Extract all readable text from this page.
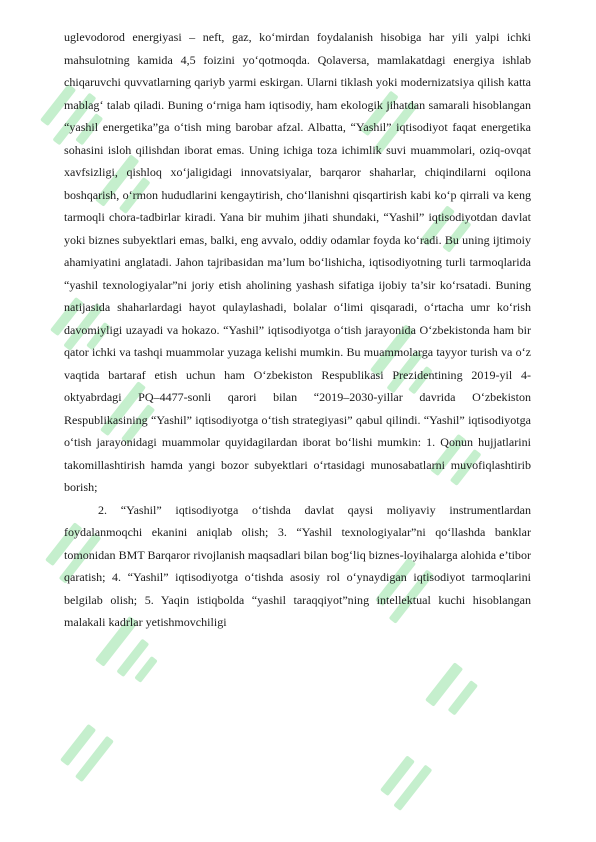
uglevodorod energiyasi – neft, gaz, ko‘mirdan foydalanish hisobiga har yili yalpi ichki mahsulotning kamida 4,5 foizini yo‘qotmoqda. Qolaversa, mamlakatdagi energiya ishlab chiqaruvchi quvvatlarning qariyb yarmi eskirgan. Ularni tiklash yoki modernizatsiya qilish katta mablag‘ talab qiladi. Buning o‘rniga ham iqtisodiy, ham ekologik jihatdan samarali hisoblangan “yashil energetika”ga o‘tish ming barobar afzal. Albatta, “Yashil” iqtisodiyot faqat energetika sohasini isloh qilishdan iborat emas. Uning ichiga toza ichimlik suvi muammolari, oziq-ovqat xavfsizligi, qishloq xo‘jaligidagi innovatsiyalar, barqaror shaharlar, chiqindilarni oqilona boshqarish, o‘rmon hududlarini kengaytirish, cho‘llanishni qisqartirish kabi ko‘p qirrali va keng tarmoqli chora-tadbirlar kiradi. Yana bir muhim jihati shundaki, “Yashil” iqtisodiyotdan davlat yoki biznes subyektlari emas, balki, eng avvalo, oddiy odamlar foyda ko‘radi. Bu uning ijtimoiy ahamiyatini anglatadi. Jahon tajribasidan ma’lum bo‘lishicha, iqtisodiyotning turli tarmoqlarida “yashil texnologiyalar”ni joriy etish aholining yashash sifatiga ijobiy ta’sir ko‘rsatadi. Buning natijasida shaharlardagi hayot qulaylashadi, bolalar o‘limi qisqaradi, o‘rtacha umr ko‘rish davomiyligi uzayadi va hokazo. “Yashil” iqtisodiyotga o‘tish jarayonida O‘zbekistonda ham bir qator ichki va tashqi muammolar yuzaga kelishi mumkin. Bu muammolarga tayyor turish va o‘z vaqtida bartaraf etish uchun ham O‘zbekiston Respublikasi Prezidentining 2019-yil 4-oktyabrdagi PQ–4477-sonli qarori bilan “2019–2030-yillar davrida O‘zbekiston Respublikasining “Yashil” iqtisodiyotga o‘tish strategiyasi” qabul qilindi. “Yashil” iqtisodiyotga o‘tish jarayonidagi muammolar quyidagilardan iborat bo‘lishi mumkin: 1. Qonun hujjatlarini takomillashtirish hamda yangi bozor subyektlari o‘rtasidagi munosabatlarni muvofiqlashtirib borish;

2. “Yashil” iqtisodiyotga o‘tishda davlat qaysi moliyaviy instrumentlardan foydalanmoqchi ekanini aniqlab olish; 3. “Yashil texnologiyalar”ni qo‘llashda banklar tomonidan BMT Barqaror rivojlanish maqsadlari bilan bog‘liq biznes-loyihalarga alohida e’tibor qaratish; 4. “Yashil” iqtisodiyotga o‘tishda asosiy rol o‘ynaydigan iqtisodiyot tarmoqlarini belgilab olish; 5. Yaqin istiqbolda “yashil taraqqiyot”ning intellektual kuchi hisoblangan malakali kadrlar yetishmovchiligi
